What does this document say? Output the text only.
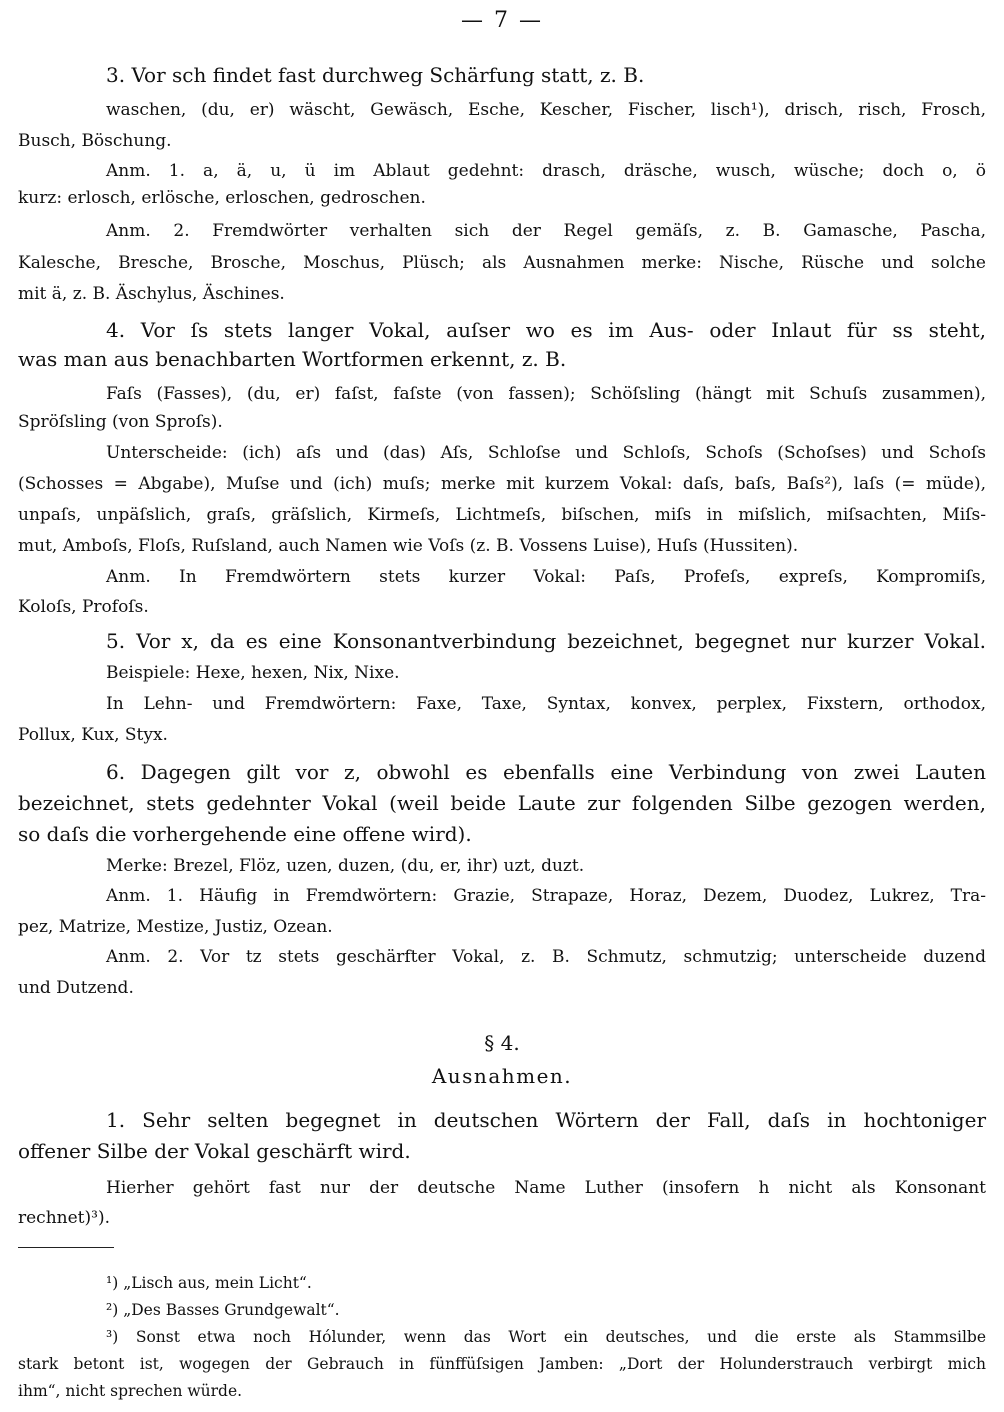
— 7 —
3. Vor sch findet fast durchweg Schärfung statt, z. B.
waschen, (du, er) wäscht, Gewäsch, Esche, Kescher, Fischer, lisch¹), drisch, risch, Frosch,
Busch, Böschung.
Anm. 1. a, ä, u, ü im Ablaut gedehnt: drasch, dräsche, wusch, wüsche; doch o, ö
kurz: erlosch, erlösche, erloschen, gedroschen.
Anm. 2. Fremdwörter verhalten sich der Regel gemäſs, z. B. Gamasche, Pascha,
Kalesche, Bresche, Brosche, Moschus, Plüsch; als Ausnahmen merke: Nische, Rüsche und solche
mit ä, z. B. Äschylus, Äschines.
4. Vor ſs stets langer Vokal, auſser wo es im Aus- oder Inlaut für ss steht,
was man aus benachbarten Wortformen erkennt, z. B.
Faſs (Fasses), (du, er) faſst, faſste (von fassen); Schöſsling (hängt mit Schuſs zusammen),
Spröſsling (von Sproſs).
Unterscheide: (ich) aſs und (das) Aſs, Schloſse und Schloſs, Schoſs (Schoſses) und Schoſs
(Schosses = Abgabe), Muſse und (ich) muſs; merke mit kurzem Vokal: daſs, baſs, Baſs²), laſs (= müde),
unpaſs, unpäſslich, graſs, gräſslich, Kirmeſs, Lichtmeſs, biſschen, miſs in miſslich, miſsachten, Miſs-
mut, Amboſs, Floſs, Ruſsland, auch Namen wie Voſs (z. B. Vossens Luise), Huſs (Hussiten).
Anm. In Fremdwörtern stets kurzer Vokal: Paſs, Profeſs, expreſs, Kompromiſs,
Koloſs, Profoſs.
5. Vor x, da es eine Konsonantverbindung bezeichnet, begegnet nur kurzer Vokal.
Beispiele: Hexe, hexen, Nix, Nixe.
In Lehn- und Fremdwörtern: Faxe, Taxe, Syntax, konvex, perplex, Fixstern, orthodox,
Pollux, Kux, Styx.
6. Dagegen gilt vor z, obwohl es ebenfalls eine Verbindung von zwei Lauten
bezeichnet, stets gedehnter Vokal (weil beide Laute zur folgenden Silbe gezogen werden,
so daſs die vorhergehende eine offene wird).
Merke: Brezel, Flöz, uzen, duzen, (du, er, ihr) uzt, duzt.
Anm. 1. Häufig in Fremdwörtern: Grazie, Strapaze, Horaz, Dezem, Duodez, Lukrez, Tra-
pez, Matrize, Mestize, Justiz, Ozean.
Anm. 2. Vor tz stets geschärfter Vokal, z. B. Schmutz, schmutzig; unterscheide duzend
und Dutzend.
§ 4.
Ausnahmen.
1. Sehr selten begegnet in deutschen Wörtern der Fall, daſs in hochtoniger
offener Silbe der Vokal geschärft wird.
Hierher gehört fast nur der deutsche Name Luther (insofern h nicht als Konsonant
rechnet)³).
¹) „Lisch aus, mein Licht“.
²) „Des Basses Grundgewalt“.
³) Sonst etwa noch Hólunder, wenn das Wort ein deutsches, und die erste als Stammsilbe
stark betont ist, wogegen der Gebrauch in fünffüſsigen Jamben: „Dort der Holunderstrauch verbirgt mich
ihm“, nicht sprechen würde.
